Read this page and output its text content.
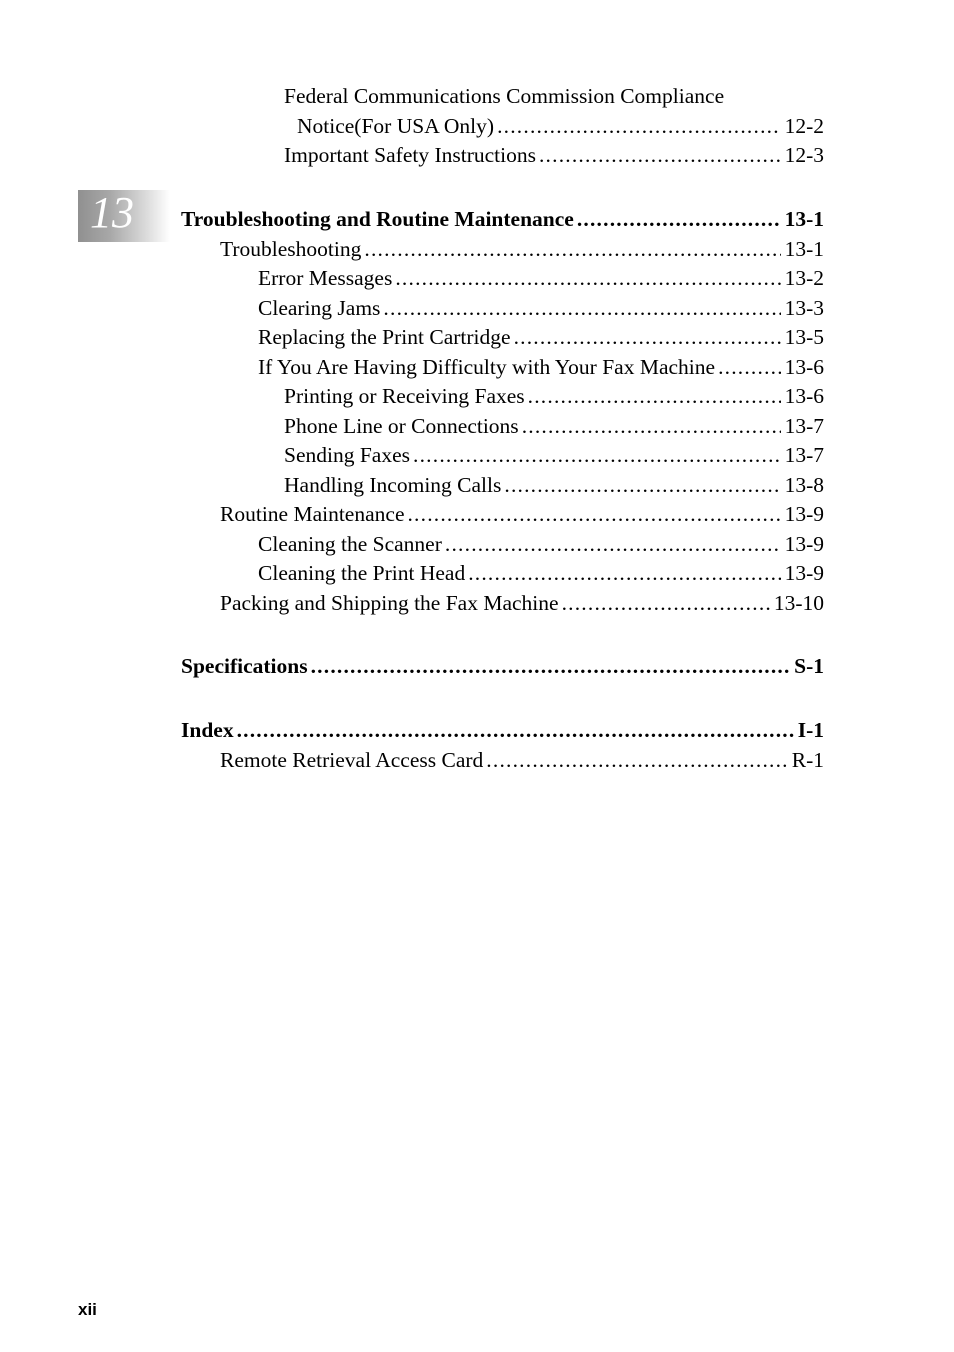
Federal Communications Commission Compliance
Notice(For USA Only) .....	12-2
Important Safety Instructions .....	12-3
13 Troubleshooting and Routine Maintenance .....	13-1
Troubleshooting .....	13-1
Error Messages .....	13-2
Clearing Jams .....	13-3
Replacing the Print Cartridge .....	13-5
If You Are Having Difficulty with Your Fax Machine .....	13-6
Printing or Receiving Faxes .....	13-6
Phone Line or Connections .....	13-7
Sending Faxes .....	13-7
Handling Incoming Calls .....	13-8
Routine Maintenance .....	13-9
Cleaning the Scanner .....	13-9
Cleaning the Print Head .....	13-9
Packing and Shipping the Fax Machine .....	13-10
Specifications .....	S-1
Index .....	I-1
Remote Retrieval Access Card .....	R-1
xii
